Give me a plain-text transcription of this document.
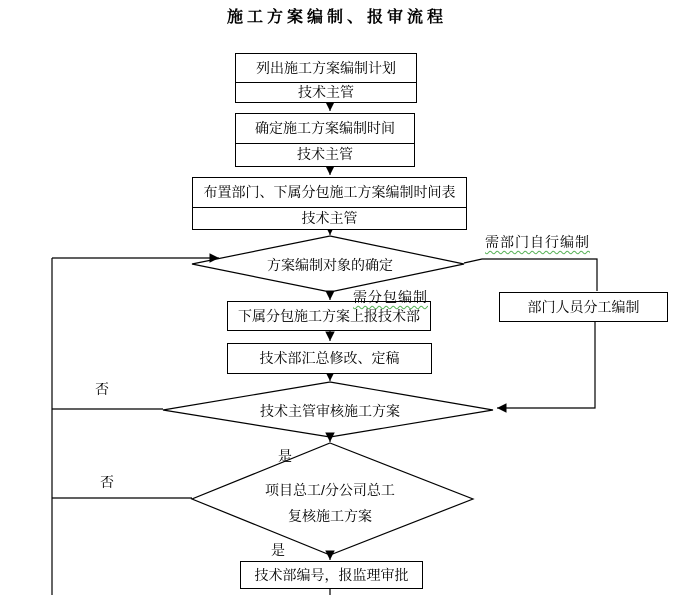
施工方案编制、报审流程
列出施工方案编制计划
技术主管
确定施工方案编制时间
技术主管
布置部门、下属分包施工方案编制时间表
技术主管
部门人员分工编制
下属分包施工方案上报技术部
技术部汇总修改、定稿
技术部编号，报监理审批
方案编制对象的确定
技术主管审核施工方案
项目总工/分公司总工
复核施工方案
需部门自行编制
需分包编制
否
否
是
是
